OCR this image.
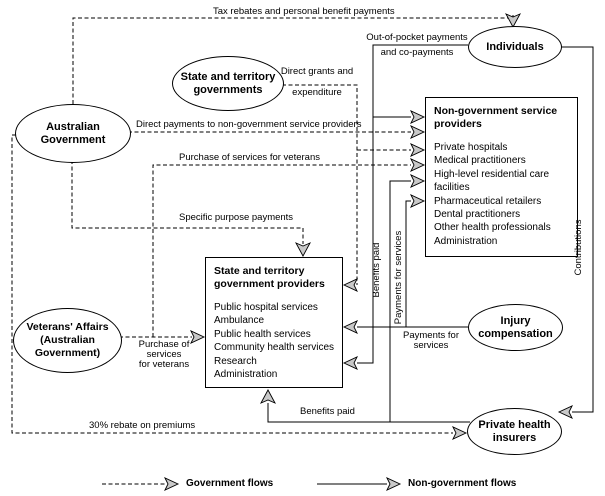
Australian
Government
State and territory
governments
Individuals
Veterans' Affairs
(Australian
Government)
Injury
compensation
Private health
insurers
Non-government service providers
Private hospitals
Medical practitioners
High-level residential care facilities
Pharmaceutical retailers
Dental practitioners
Other health professionals
Administration
State and territory government providers
Public hospital services
Ambulance
Public health services
Community health services
Research
Administration
Tax rebates and personal benefit payments
Out-of-pocket payments
and co-payments
Direct grants and
expenditure
Direct payments to non-government service providers
Purchase of services for veterans
Specific purpose payments
Purchase of
services
for veterans
Benefits paid Payments for services	Contributions
Payments for
services
Benefits paid
30% rebate on premiums
Government flows	Non-government flows
